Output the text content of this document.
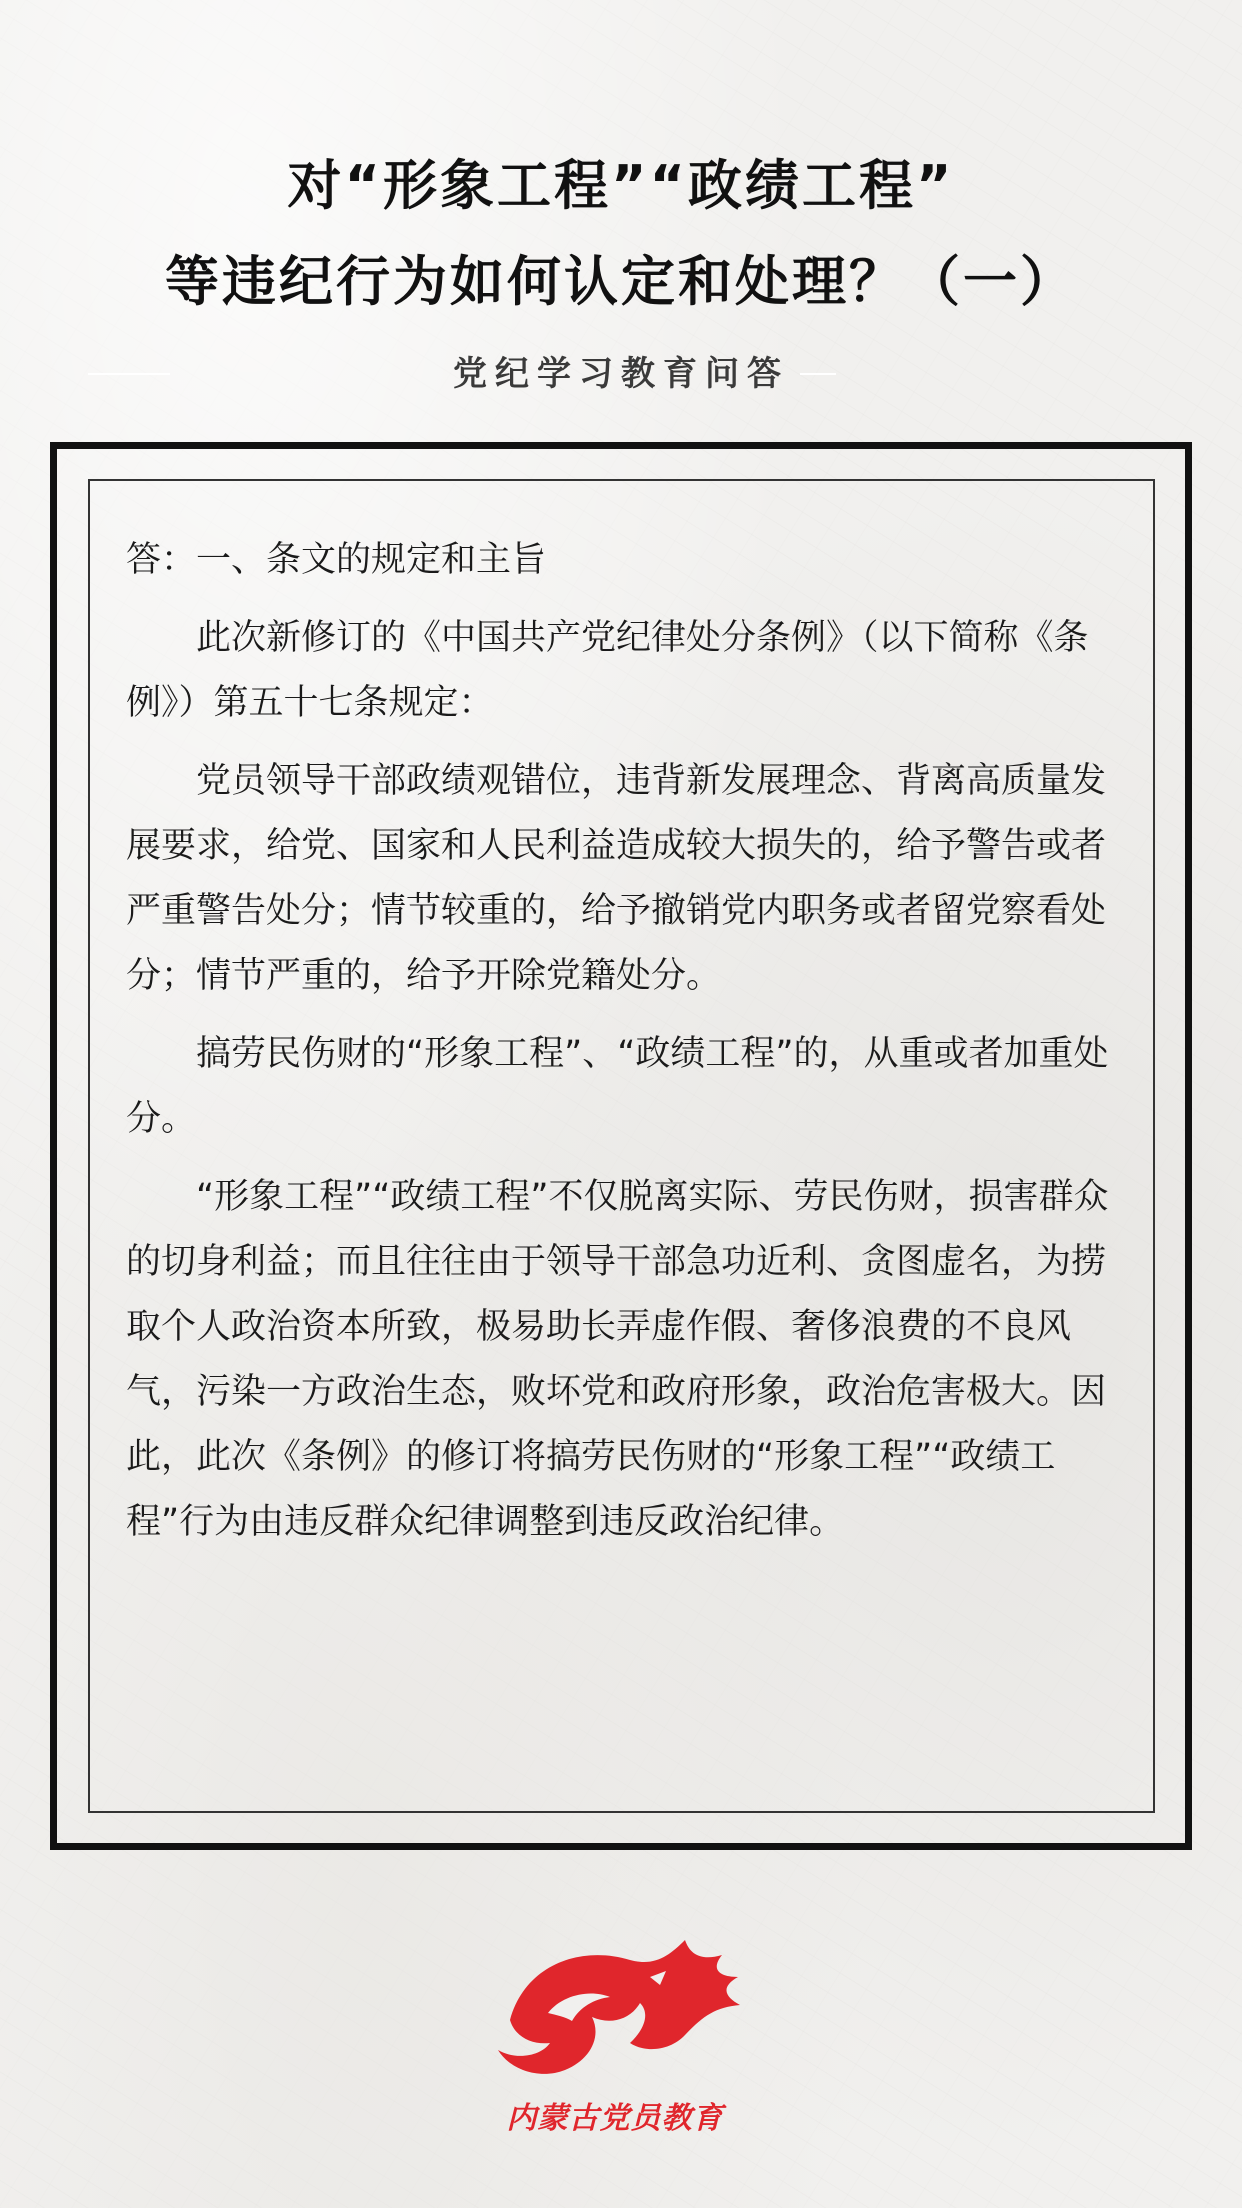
对“形象工程”“政绩工程”
等违纪行为如何认定和处理？（一）
党纪学习教育问答

答：一、条文的规定和主旨

此次新修订的《中国共产党纪律处分条例》（以下简称《条例》）第五十七条规定：

党员领导干部政绩观错位，违背新发展理念、背离高质量发展要求，给党、国家和人民利益造成较大损失的，给予警告或者严重警告处分；情节较重的，给予撤销党内职务或者留党察看处分；情节严重的，给予开除党籍处分。

搞劳民伤财的“形象工程”、“政绩工程”的，从重或者加重处分。

“形象工程”“政绩工程”不仅脱离实际、劳民伤财，损害群众的切身利益；而且往往由于领导干部急功近利、贪图虚名，为捞取个人政治资本所致，极易助长弄虚作假、奢侈浪费的不良风气，污染一方政治生态，败坏党和政府形象，政治危害极大。因此，此次《条例》的修订将搞劳民伤财的“形象工程”“政绩工程”行为由违反群众纪律调整到违反政治纪律。

内蒙古党员教育
